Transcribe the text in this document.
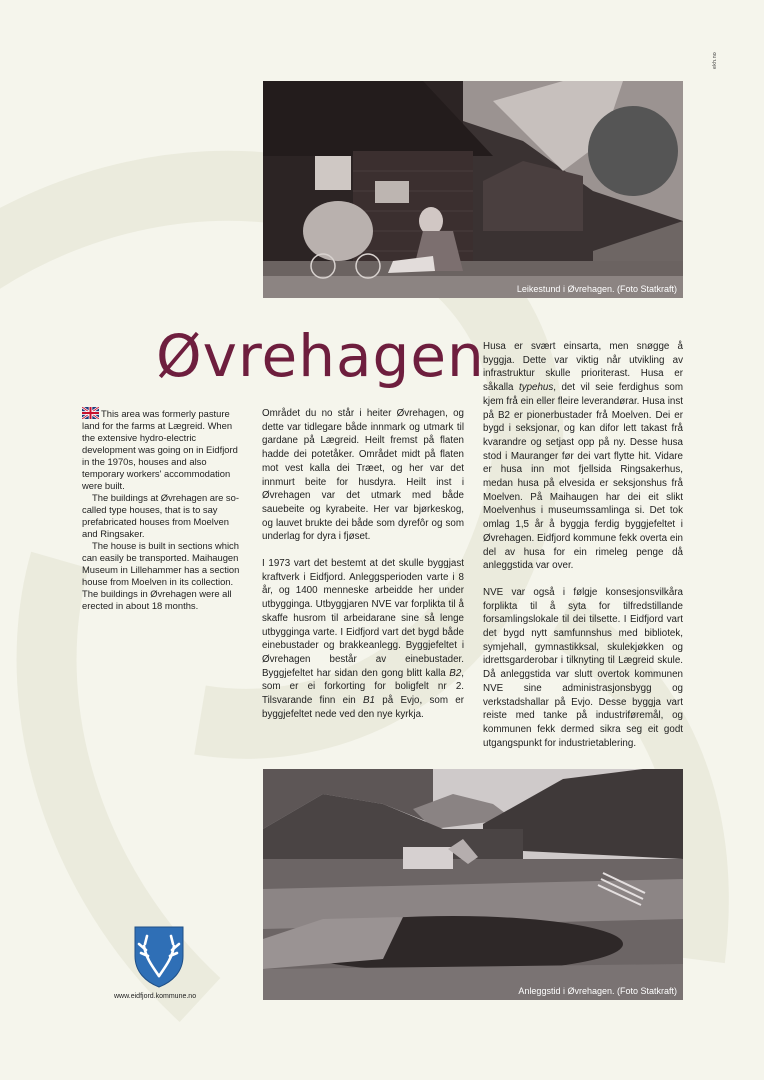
ekh.no
Leikestund i Øvrehagen. (Foto Statkraft)
Øvrehagen

This area was formerly pasture land for the farms at Lægreid. When the extensive hydro-electric development was going on in Eidfjord in the 1970s, houses and also temporary workers' accommodation were built.

The buildings at Øvrehagen are so-called type houses, that is to say prefabricated houses from Moelven and Ringsaker.

The house is built in sections which can easily be transported. Maihaugen Museum in Lillehammer has a section house from Moelven in its collection. The buildings in Øvrehagen were all erected in about 18 months.

Området du no står i heiter Øvrehagen, og dette var tidlegare både innmark og utmark til gardane på Lægreid. Heilt fremst på flaten hadde dei potetåker. Området midt på flaten mot vest kalla dei Træet, og her var det innmurt beite for husdyra. Heilt inst i Øvrehagen var det utmark med både sauebeite og kyrabeite. Her var bjørkeskog, og lauvet brukte dei både som dyrefôr og som underlag for dyra i fjøset.

I 1973 vart det bestemt at det skulle byggjast kraftverk i Eidfjord. Anleggsperioden varte i 8 år, og 1400 menneske arbeidde her under utbygginga. Utbyggjaren NVE var forplikta til å skaffe husrom til arbeidarane sine så lenge utbygginga varte. I Eidfjord vart det bygd både einebustader og brakkeanlegg. Byggjefeltet i Øvrehagen består av einebustader. Byggjefeltet har sidan den gong blitt kalla B2, som er ei forkorting for boligfelt nr 2. Tilsvarande finn ein B1 på Evjo, som er byggjefeltet nede ved den nye kyrkja.

Husa er svært einsarta, men snøgge å byggja. Dette var viktig når utvikling av infrastruktur skulle prioriterast. Husa er såkalla typehus, det vil seie ferdighus som kjem frå ein eller fleire leverandørar. Husa inst på B2 er pionerbustader frå Moelven. Dei er bygd i seksjonar, og kan difor lett takast frå kvarandre og setjast opp på ny. Desse husa stod i Mauranger før dei vart flytte hit. Vidare er husa inn mot fjellsida Ringsakerhus, medan husa på elvesida er seksjonshus frå Moelven. På Maihaugen har dei eit slikt Moelvenhus i museumssamlinga si. Det tok omlag 1,5 år å byggja ferdig byggjefeltet i Øvrehagen. Eidfjord kommune fekk overta ein del av husa for ein rimeleg penge då anleggstida var over.

NVE var også i følgje konsesjonsvilkåra forplikta til å syta for tilfredstillande forsamlingslokale til dei tilsette. I Eidfjord vart det bygd nytt samfunnshus med bibliotek, symjehall, gymnastikksal, skulekjøkken og idrettsgarderobar i tilknyting til Lægreid skule. Då anleggstida var slutt overtok kommunen NVE sine administrasjonsbygg og verkstadshallar på Evjo. Desse byggja vart reiste med tanke på industriføremål, og kommunen fekk dermed sikra seg eit godt utgangspunkt for industrietablering.

Anleggstid i Øvrehagen. (Foto Statkraft)
www.eidfjord.kommune.no
